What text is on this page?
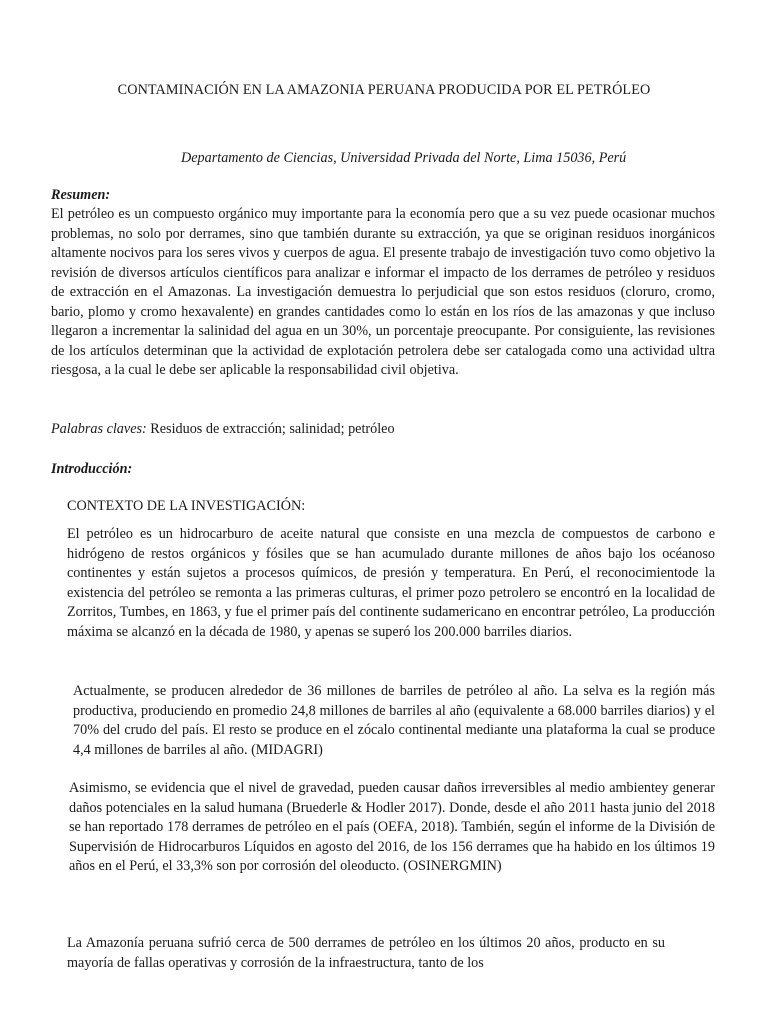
CONTAMINACIÓN EN LA AMAZONIA PERUANA PRODUCIDA POR EL PETRÓLEO
Departamento de Ciencias, Universidad Privada del Norte, Lima 15036, Perú
Resumen:

El petróleo es un compuesto orgánico muy importante para la economía pero que a su vez puede ocasionar muchos problemas, no solo por derrames, sino que también durante su extracción, ya que se originan residuos inorgánicos altamente nocivos para los seres vivos y cuerpos de agua. El presente trabajo de investigación tuvo como objetivo la revisión de diversos artículos científicos para analizar e informar el impacto de los derrames de petróleo y residuos de extracción en el Amazonas. La investigación demuestra lo perjudicial que son estos residuos (cloruro, cromo, bario, plomo y cromo hexavalente) en grandes cantidades como lo están en los ríos de las amazonas y que incluso llegaron a incrementar la salinidad del agua en un 30%, un porcentaje preocupante. Por consiguiente, las revisiones de los artículos determinan que la actividad de explotación petrolera debe ser catalogada como una actividad ultra riesgosa, a la cual le debe ser aplicable la responsabilidad civil objetiva.

Palabras claves: Residuos de extracción; salinidad; petróleo
Introducción:
CONTEXTO DE LA INVESTIGACIÓN:

El petróleo es un hidrocarburo de aceite natural que consiste en una mezcla de compuestos de carbono e hidrógeno de restos orgánicos y fósiles que se han acumulado durante millones de años bajo los océanoso continentes y están sujetos a procesos químicos, de presión y temperatura. En Perú, el reconocimientode la existencia del petróleo se remonta a las primeras culturas, el primer pozo petrolero se encontró en la localidad de Zorritos, Tumbes, en 1863, y fue el primer país del continente sudamericano en encontrar petróleo, La producción máxima se alcanzó en la década de 1980, y apenas se superó los 200.000 barriles diarios.

Actualmente, se producen alrededor de 36 millones de barriles de petróleo al año. La selva es la región más productiva, produciendo en promedio 24,8 millones de barriles al año (equivalente a 68.000 barriles diarios) y el 70% del crudo del país. El resto se produce en el zócalo continental mediante una plataforma la cual se produce 4,4 millones de barriles al año. (MIDAGRI)

Asimismo, se evidencia que el nivel de gravedad, pueden causar daños irreversibles al medio ambientey generar daños potenciales en la salud humana (Bruederle & Hodler 2017). Donde, desde el año 2011 hasta junio del 2018 se han reportado 178 derrames de petróleo en el país (OEFA, 2018). También, según el informe de la División de Supervisión de Hidrocarburos Líquidos en agosto del 2016, de los 156 derrames que ha habido en los últimos 19 años en el Perú, el 33,3% son por corrosión del oleoducto. (OSINERGMIN)

La Amazonía peruana sufrió cerca de 500 derrames de petróleo en los últimos 20 años, producto en su mayoría de fallas operativas y corrosión de la infraestructura, tanto de los
